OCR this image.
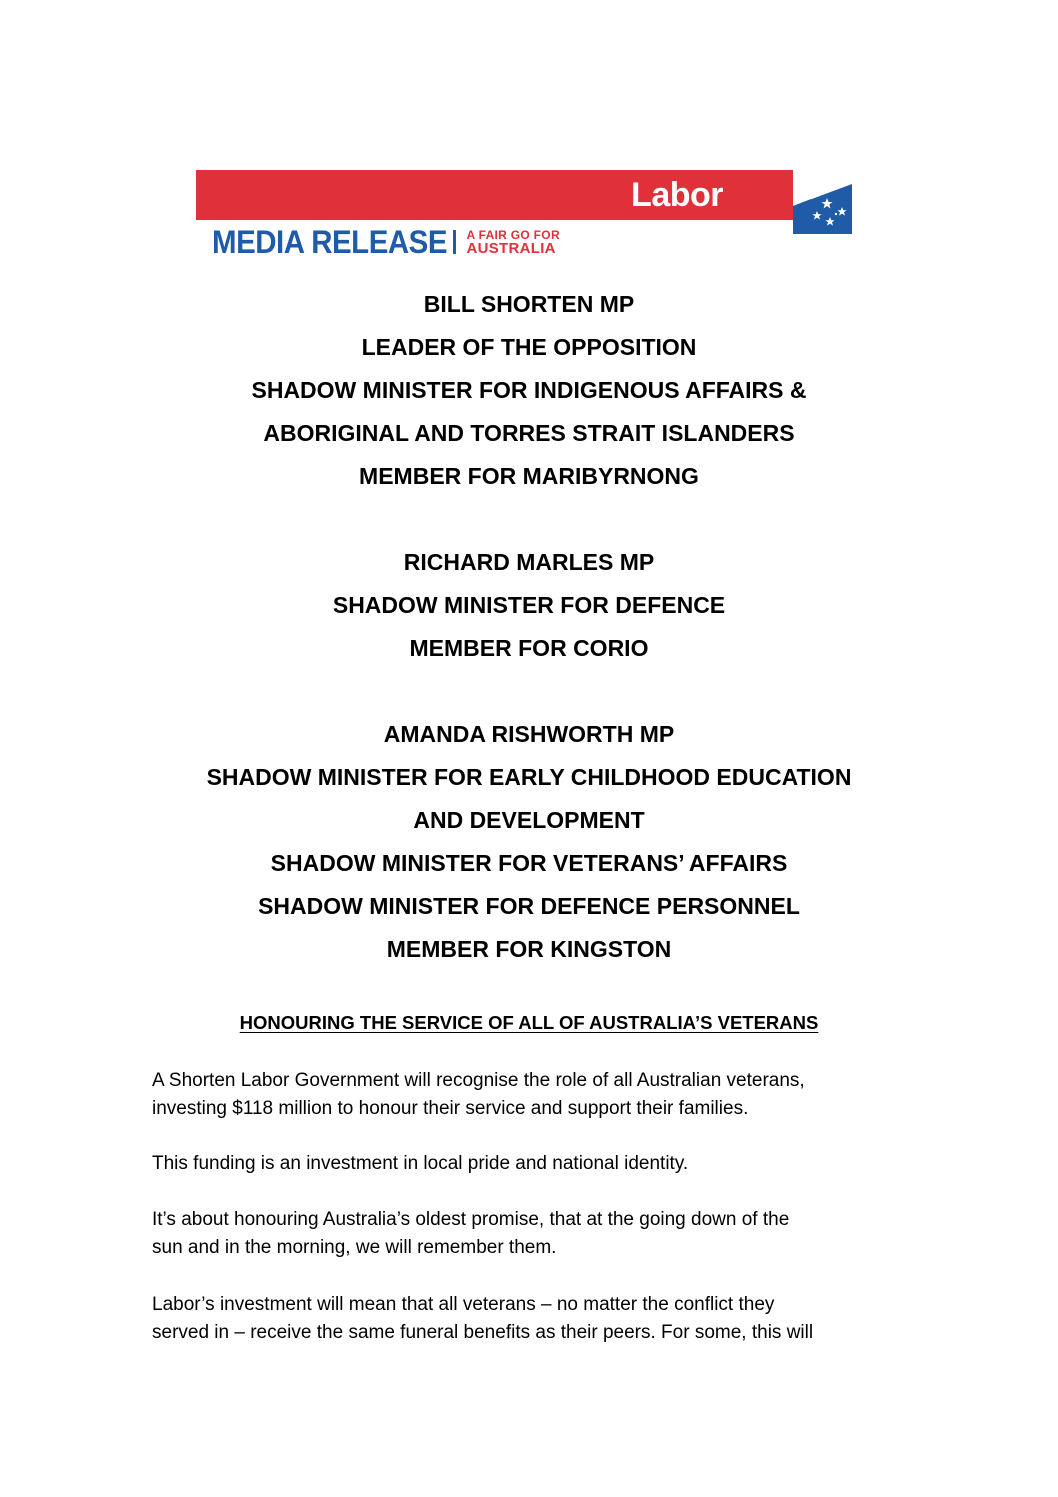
Labor
MEDIA RELEASE A FAIR GO FOR
AUSTRALIA
BILL SHORTEN MP
LEADER OF THE OPPOSITION
SHADOW MINISTER FOR INDIGENOUS AFFAIRS &
ABORIGINAL AND TORRES STRAIT ISLANDERS
MEMBER FOR MARIBYRNONG
RICHARD MARLES MP
SHADOW MINISTER FOR DEFENCE
MEMBER FOR CORIO
AMANDA RISHWORTH MP
SHADOW MINISTER FOR EARLY CHILDHOOD EDUCATION
AND DEVELOPMENT
SHADOW MINISTER FOR VETERANS’ AFFAIRS
SHADOW MINISTER FOR DEFENCE PERSONNEL
MEMBER FOR KINGSTON
HONOURING THE SERVICE OF ALL OF AUSTRALIA’S VETERANS
A Shorten Labor Government will recognise the role of all Australian veterans,
investing $118 million to honour their service and support their families.
This funding is an investment in local pride and national identity.
It’s about honouring Australia’s oldest promise, that at the going down of the
sun and in the morning, we will remember them.
Labor’s investment will mean that all veterans – no matter the conflict they
served in – receive the same funeral benefits as their peers. For some, this will
